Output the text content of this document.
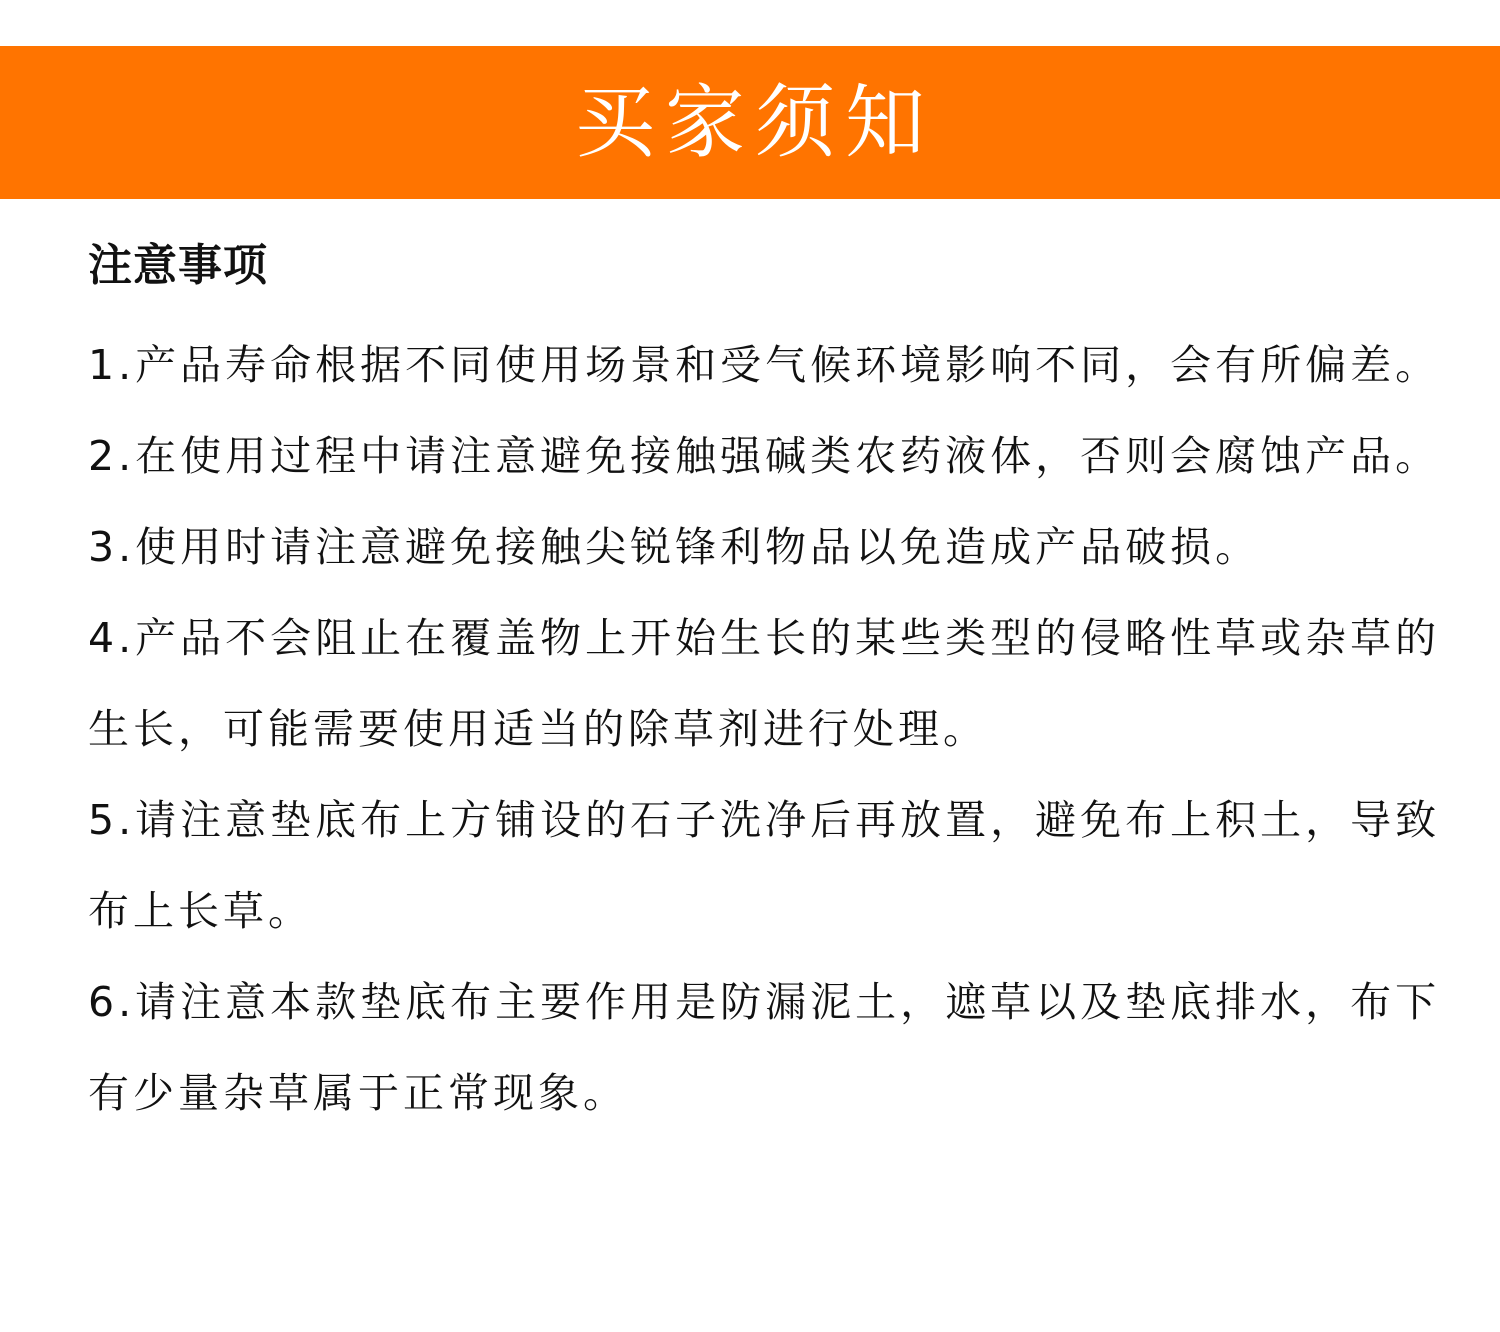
买家须知
注意事项
1.产品寿命根据不同使用场景和受气候环境影响不同，会有所偏差。
2.在使用过程中请注意避免接触强碱类农药液体，否则会腐蚀产品。
3.使用时请注意避免接触尖锐锋利物品以免造成产品破损。
4.产品不会阻止在覆盖物上开始生长的某些类型的侵略性草或杂草的生长，可能需要使用适当的除草剂进行处理。
5.请注意垫底布上方铺设的石子洗净后再放置，避免布上积土，导致布上长草。
6.请注意本款垫底布主要作用是防漏泥土，遮草以及垫底排水，布下有少量杂草属于正常现象。
